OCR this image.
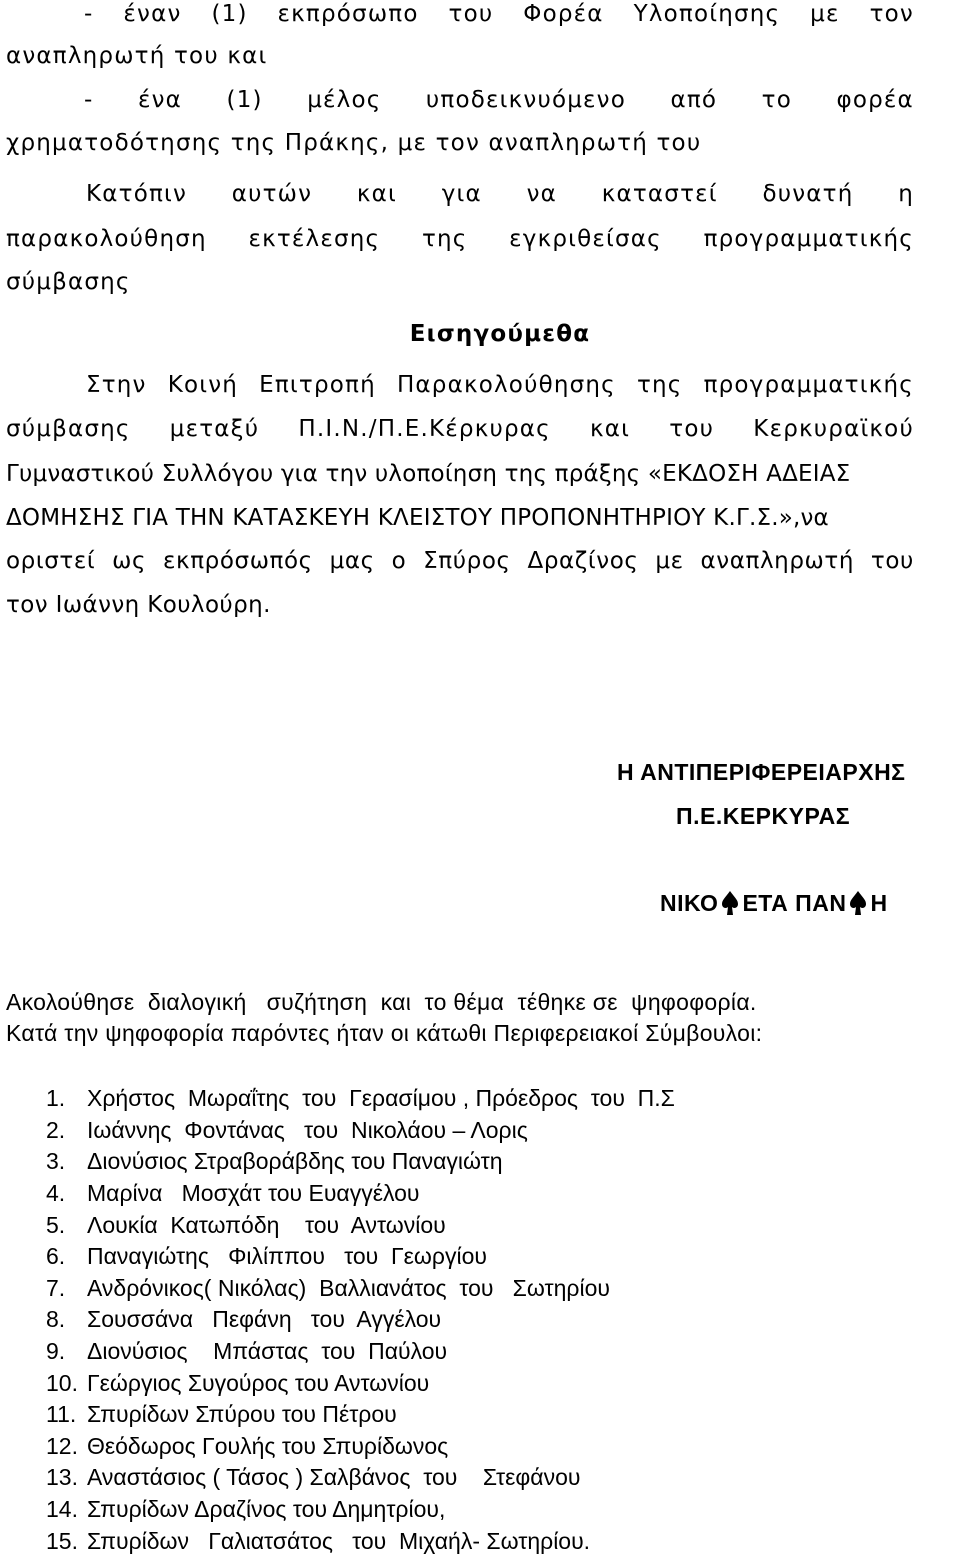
- έναν (1) εκπρόσωπο του Φορέα Υλοποίησης με τον
αναπληρωτή του και
- ένα (1) μέλος υποδεικνυόμενο από το φορέα
χρηματοδότησης της Πράκης, με τον αναπληρωτή του
Κατόπιν αυτών και για να καταστεί δυνατή η
παρακολούθηση εκτέλεσης της εγκριθείσας προγραμματικής
σύμβασης
Εισηγούμεθα
Στην Κοινή Επιτροπή Παρακολούθησης της προγραμματικής
σύμβασης μεταξύ Π.Ι.Ν./Π.Ε.Κέρκυρας και του Κερκυραϊκού
Γυμναστικού Συλλόγου για την υλοποίηση της πράξης «ΕΚΔΟΣΗ ΑΔΕΙΑΣ
ΔΟΜΗΣΗΣ ΓΙΑ ΤΗΝ ΚΑΤΑΣΚΕΥΗ ΚΛΕΙΣΤΟΥ ΠΡΟΠΟΝΗΤΗΡΙΟΥ Κ.Γ.Σ.»,να
οριστεί ως εκπρόσωπός μας ο Σπύρος Δραζίνος με αναπληρωτή του
τον Ιωάννη Κουλούρη.
Η ΑΝΤΙΠΕΡΙΦΕΡΕΙΑΡΧΗΣ
Π.Ε.ΚΕΡΚΥΡΑΣ
ΝΙΚΟ ΕΤΑ ΠΑΝ Η
Ακολούθησε  διαλογική   συζήτηση  και  το θέμα  τέθηκε σε  ψηφοφορία.
Κατά την ψηφοφορία παρόντες ήταν οι κάτωθι Περιφερειακοί Σύμβουλοι:
1. Χρήστος  Μωραΐτης  του  Γερασίμου , Πρόεδρος  του  Π.Σ
2. Ιωάννης  Φοντάνας   του  Νικολάου – Λορις
3. Διονύσιος Στραβοράβδης του Παναγιώτη
4. Μαρίνα   Μοσχάτ του Ευαγγέλου
5. Λουκία  Κατωπόδη    του  Αντωνίου
6. Παναγιώτης   Φιλίππου   του  Γεωργίου
7. Ανδρόνικος( Νικόλας)  Βαλλιανάτος  του   Σωτηρίου
8. Σουσσάνα   Πεφάνη   του  Αγγέλου
9. Διονύσιος    Μπάστας  του  Παύλου
10. Γεώργιος Συγούρος του Αντωνίου
11. Σπυρίδων Σπύρου του Πέτρου
12. Θεόδωρος Γουλής του Σπυρίδωνος
13. Αναστάσιος ( Τάσος ) Σαλβάνος  του    Στεφάνου
14. Σπυρίδων Δραζίνος του Δημητρίου,
15. Σπυρίδων   Γαλιατσάτος   του  Μιχαήλ- Σωτηρίου.
